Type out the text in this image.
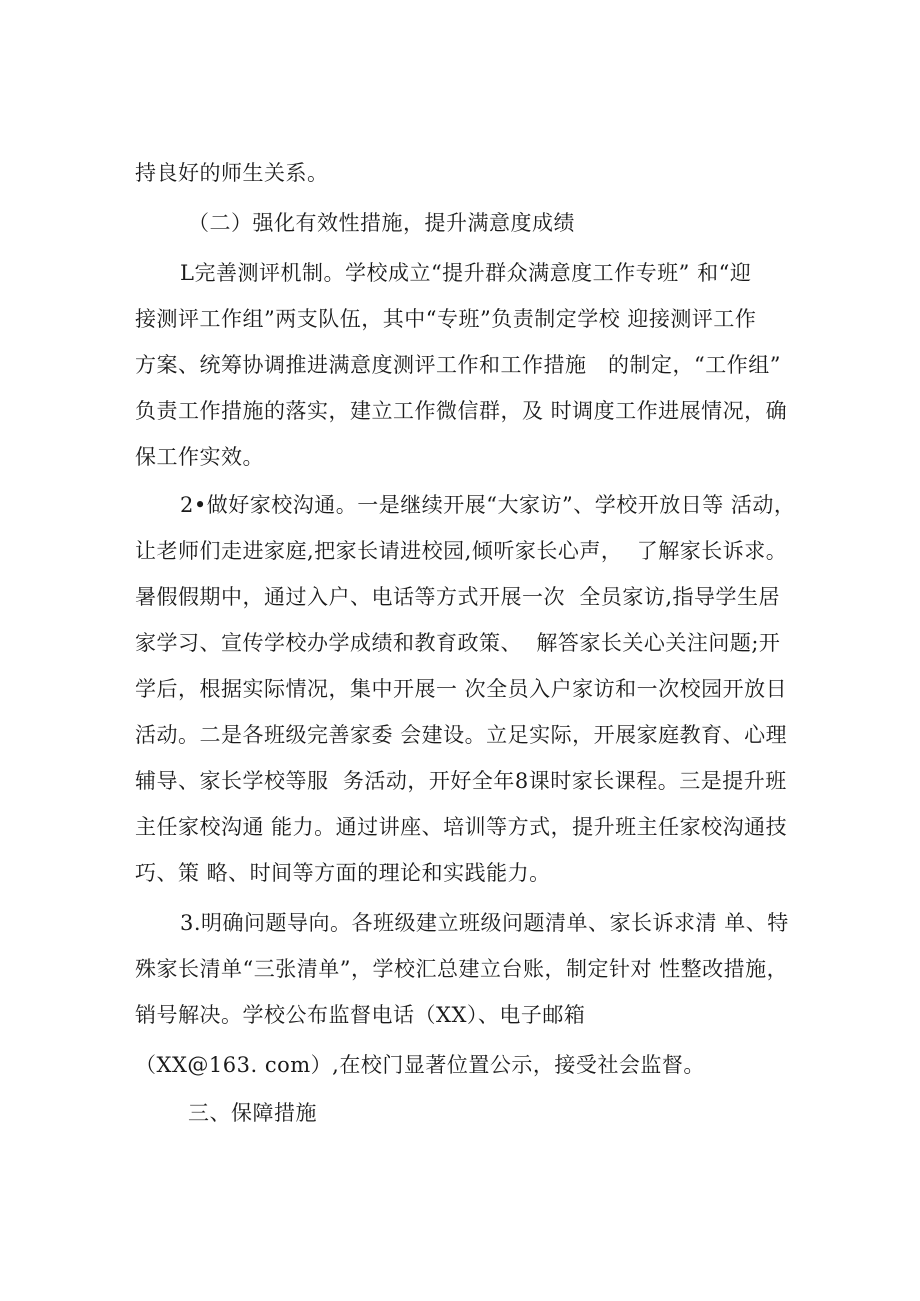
持良好的师生关系。
（二）强化有效性措施，提升满意度成绩
L完善测评机制。学校成立“提升群众满意度工作专班” 和“迎
接测评工作组”两支队伍，其中“专班”负责制定学校 迎接测评工作
方案、统筹协调推进满意度测评工作和工作措施   的制定，“工作组”
负责工作措施的落实，建立工作微信群，及 时调度工作进展情况，确
保工作实效。
2•做好家校沟通。一是继续开展“大家访”、学校开放日等 活动，
让老师们走进家庭,把家长请进校园,倾听家长心声，  了解家长诉求。
暑假假期中，通过入户、电话等方式开展一次  全员家访,指导学生居
家学习、宣传学校办学成绩和教育政策、  解答家长关心关注问题;开
学后，根据实际情况，集中开展一 次全员入户家访和一次校园开放日
活动。二是各班级完善家委 会建设。立足实际，开展家庭教育、心理
辅导、家长学校等服  务活动，开好全年8课时家长课程。三是提升班
主任家校沟通 能力。通过讲座、培训等方式，提升班主任家校沟通技
巧、策 略、时间等方面的理论和实践能力。
3.明确问题导向。各班级建立班级问题清单、家长诉求清 单、特
殊家长清单“三张清单”，学校汇总建立台账，制定针对 性整改措施，
销号解决。学校公布监督电话（XX）、电子邮箱
（XX@163. com）,在校门显著位置公示，接受社会监督。
三、保障措施
